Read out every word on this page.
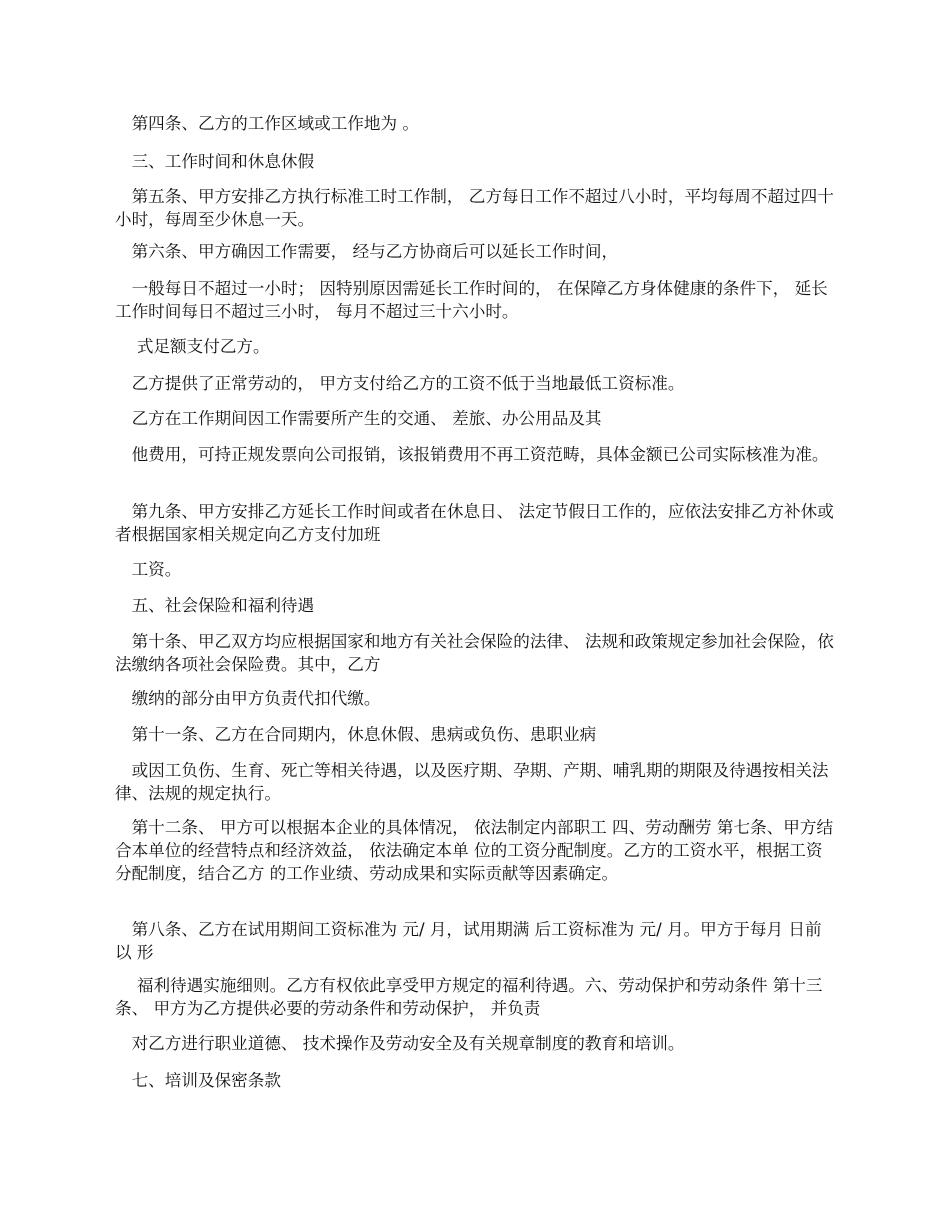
　第四条、乙方的工作区域或工作地为 。

　三、工作时间和休息休假

　第五条、甲方安排乙方执行标准工时工作制， 乙方每日工作不超过八小时，平均每周不超过四十小时，每周至少休息一天。

　第六条、甲方确因工作需要， 经与乙方协商后可以延长工作时间，

　一般每日不超过一小时； 因特别原因需延长工作时间的， 在保障乙方身体健康的条件下， 延长工作时间每日不超过三小时， 每月不超过三十六小时。

　 式足额支付乙方。

　乙方提供了正常劳动的， 甲方支付给乙方的工资不低于当地最低工资标准。

　乙方在工作期间因工作需要所产生的交通、 差旅、办公用品及其

　他费用，可持正规发票向公司报销，该报销费用不再工资范畴，具体金额已公司实际核准为准。

　第九条、甲方安排乙方延长工作时间或者在休息日、 法定节假日工作的，应依法安排乙方补休或者根据国家相关规定向乙方支付加班

　工资。

　五、社会保险和福利待遇

　第十条、甲乙双方均应根据国家和地方有关社会保险的法律、 法规和政策规定参加社会保险，依法缴纳各项社会保险费。其中，乙方

　缴纳的部分由甲方负责代扣代缴。

　第十一条、乙方在合同期内，休息休假、患病或负伤、患职业病

　或因工负伤、生育、死亡等相关待遇，以及医疗期、孕期、产期、哺乳期的期限及待遇按相关法律、法规的规定执行。

　第十二条、 甲方可以根据本企业的具体情况， 依法制定内部职工 四、劳动酬劳 第七条、甲方结合本单位的经营特点和经济效益， 依法确定本单 位的工资分配制度。乙方的工资水平，根据工资分配制度，结合乙方 的工作业绩、劳动成果和实际贡献等因素确定。

　第八条、乙方在试用期间工资标准为 元/ 月，试用期满 后工资标准为 元/ 月。甲方于每月 日前以 形

　 福利待遇实施细则。乙方有权依此享受甲方规定的福利待遇。六、劳动保护和劳动条件 第十三条、 甲方为乙方提供必要的劳动条件和劳动保护， 并负责

　对乙方进行职业道德、 技术操作及劳动安全及有关规章制度的教育和培训。

　七、培训及保密条款
